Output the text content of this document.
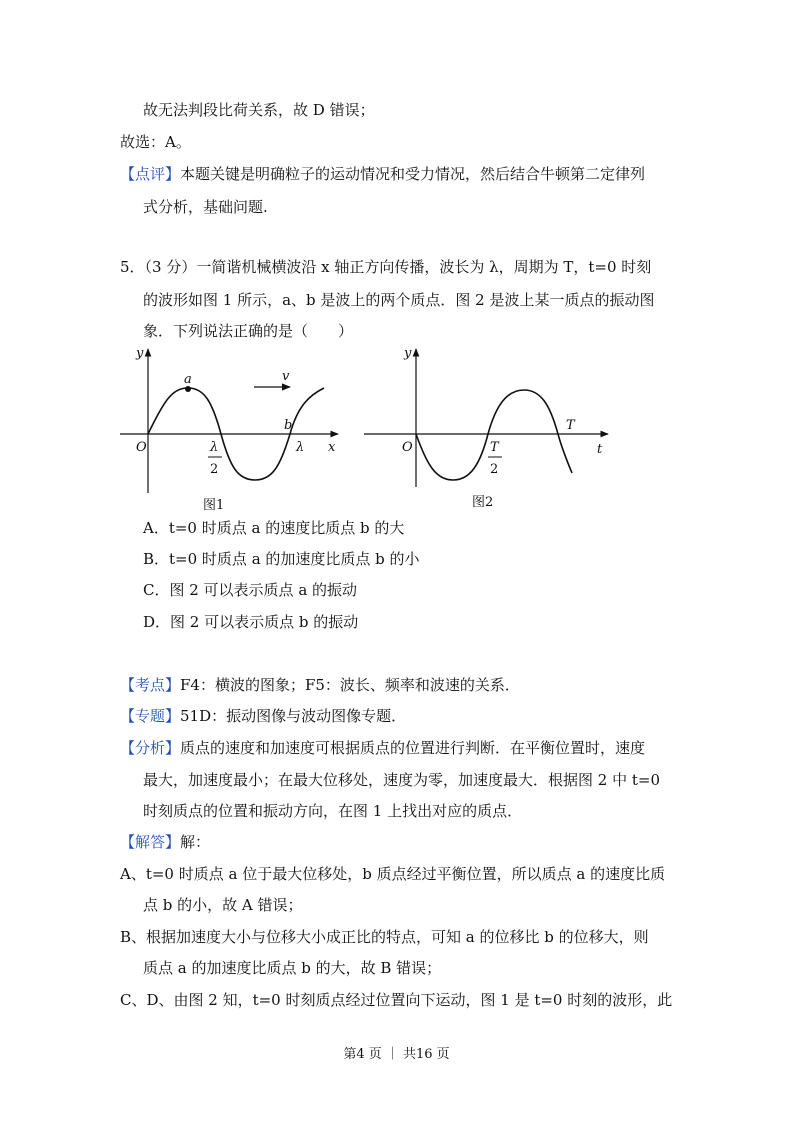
故无法判段比荷关系，故 D 错误；
故选：A。
【点评】本题关键是明确粒子的运动情况和受力情况，然后结合牛顿第二定律列
式分析，基础问题.
5．（3 分）一简谐机械横波沿 x 轴正方向传播，波长为 λ，周期为 T，t=0 时刻
的波形如图 1 所示，a、b 是波上的两个质点．图 2 是波上某一质点的振动图
象．下列说法正确的是（　　）
y
x
O
a
b
v
λ
λ
2
图1
y
t
O
T
T
2
图2
A．t=0 时质点 a 的速度比质点 b 的大
B．t=0 时质点 a 的加速度比质点 b 的小
C．图 2 可以表示质点 a 的振动
D．图 2 可以表示质点 b 的振动
【考点】F4：横波的图象；F5：波长、频率和波速的关系．
【专题】51D：振动图像与波动图像专题．
【分析】质点的速度和加速度可根据质点的位置进行判断．在平衡位置时，速度
最大，加速度最小；在最大位移处，速度为零，加速度最大．根据图 2 中 t=0
时刻质点的位置和振动方向，在图 1 上找出对应的质点．
【解答】解：
A、t=0 时质点 a 位于最大位移处，b 质点经过平衡位置，所以质点 a 的速度比质
点 b 的小，故 A 错误；
B、根据加速度大小与位移大小成正比的特点，可知 a 的位移比 b 的位移大，则
质点 a 的加速度比质点 b 的大，故 B 错误；
C、D、由图 2 知，t=0 时刻质点经过位置向下运动，图 1 是 t=0 时刻的波形，此
第4 页 ｜ 共16 页
